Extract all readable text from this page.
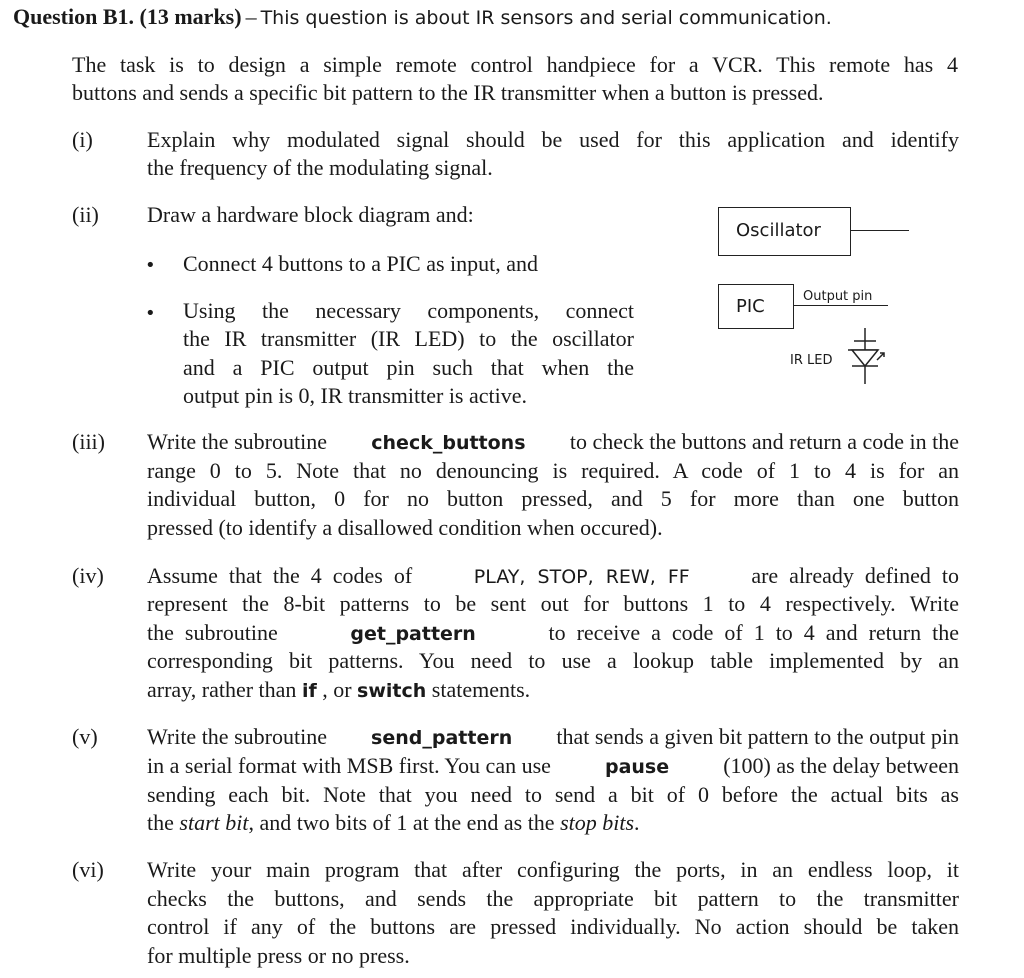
Question B1. (13 marks) – This question is about IR sensors and serial communication.
The task is to design a simple remote control handpiece for a VCR. This remote has 4
buttons and sends a specific bit pattern to the IR transmitter when a button is pressed.
(i) Explain why modulated signal should be used for this application and identify
the frequency of the modulating signal.
(ii) Draw a hardware block diagram and:
• Connect 4 buttons to a PIC as input, and
• Using the necessary components, connect
the IR transmitter (IR LED) to the oscillator
and a PIC output pin such that when the
output pin is 0, IR transmitter is active.
Oscillator
PIC	Output pin
IR LED
(iii) Write the subroutine check_buttons to check the buttons and return a code in the
range 0 to 5. Note that no denouncing is required. A code of 1 to 4 is for an
individual button, 0 for no button pressed, and 5 for more than one button
pressed (to identify a disallowed condition when occured).
(iv) Assume  that  the  4  codes  of	PLAY,  STOP,  REW,  FF	are  already  defined  to
represent the 8-bit patterns to be sent out for buttons 1 to 4 respectively. Write
the  subroutine	get_pattern	to  receive  a  code  of  1  to  4  and  return  the
corresponding bit patterns. You need to use a lookup table implemented by an
array, rather than if , or switch statements.
(v) Write the subroutine send_pattern that sends a given bit pattern to the output pin
in a serial format with MSB first. You can use	pause (100) as the delay between
sending each bit. Note that you need to send a bit of 0 before the actual bits as
the start bit, and two bits of 1 at the end as the stop bits.
(vi) Write your main program that after configuring the ports, in an endless loop, it
checks the buttons, and sends the appropriate bit pattern to the transmitter
control if any of the buttons are pressed individually. No action should be taken
for multiple press or no press.
